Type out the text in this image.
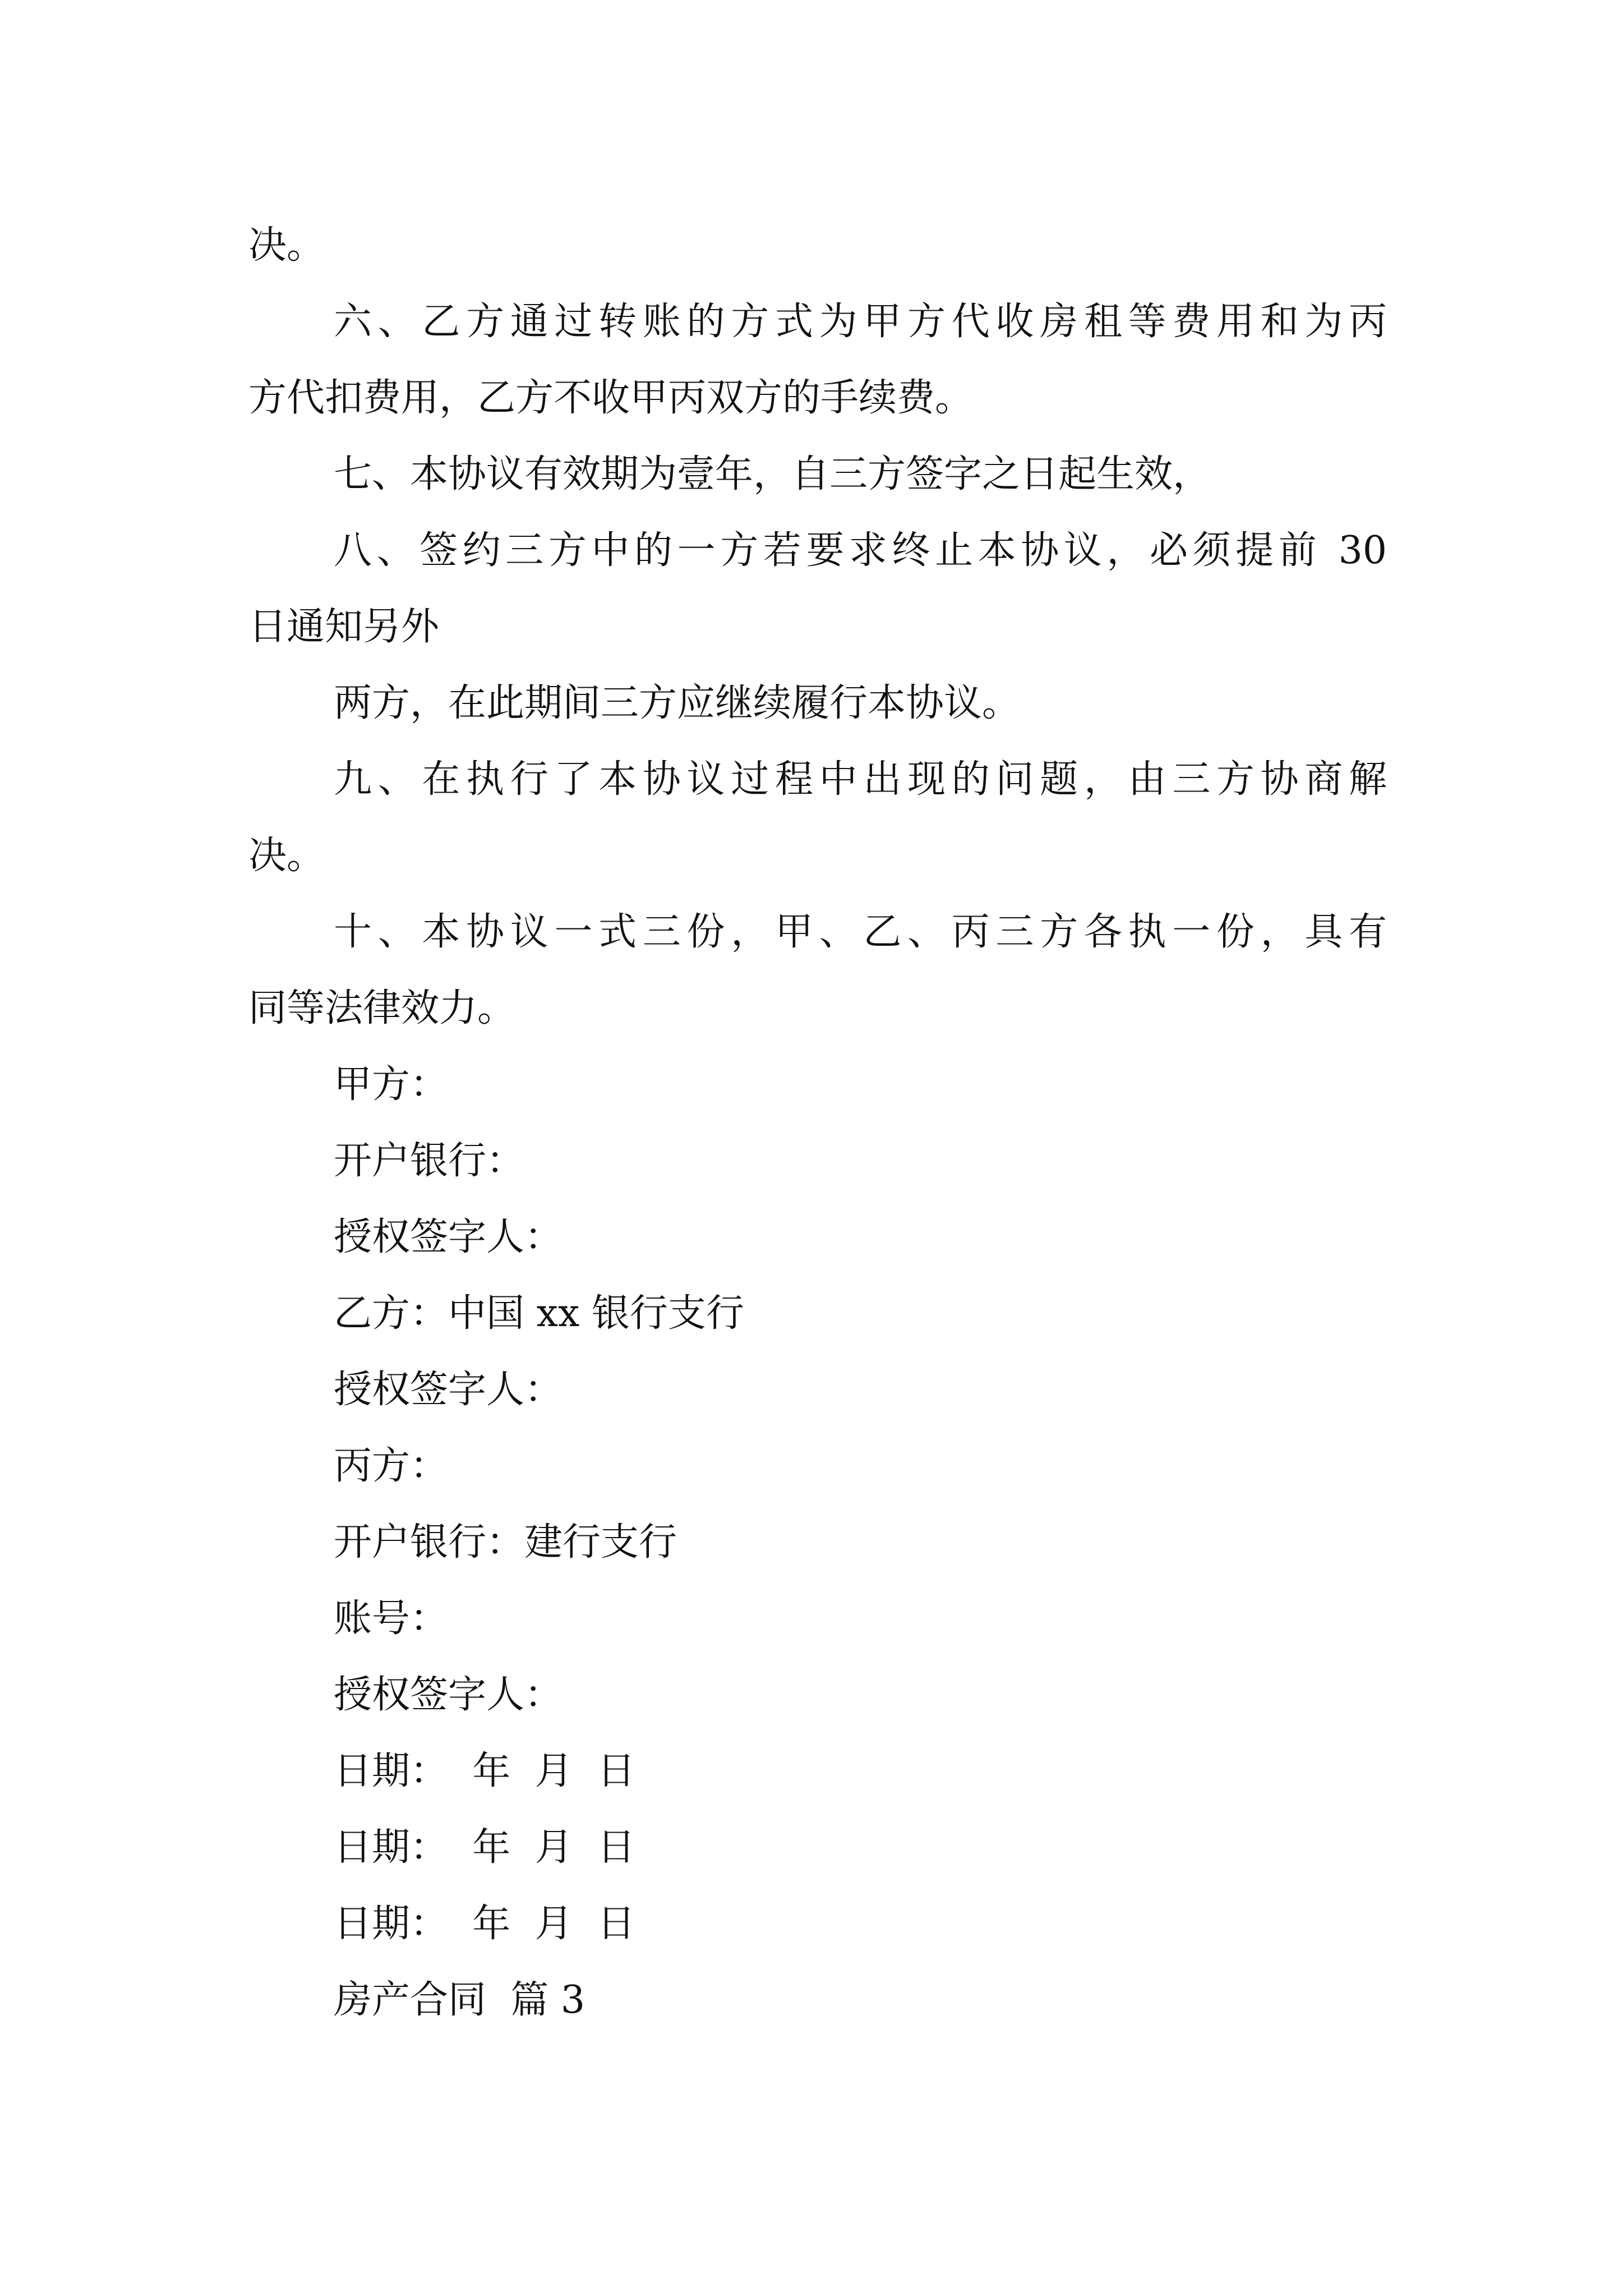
决。
六、乙方通过转账的方式为甲方代收房租等费用和为丙
方代扣费用，乙方不收甲丙双方的手续费。
七、本协议有效期为壹年，自三方签字之日起生效，
八、签约三方中的一方若要求终止本协议，必须提前 30
日通知另外
两方，在此期间三方应继续履行本协议。
九、在执行了本协议过程中出现的问题，由三方协商解
决。
十、本协议一式三份，甲、乙、丙三方各执一份，具有
同等法律效力。
甲方：
开户银行：
授权签字人：
乙方：中国 xx 银行支行
授权签字人：
丙方：
开户银行：建行支行
账号：
授权签字人：
日期：  年  月  日
日期：  年  月  日
日期：  年  月  日
房产合同  篇 3
